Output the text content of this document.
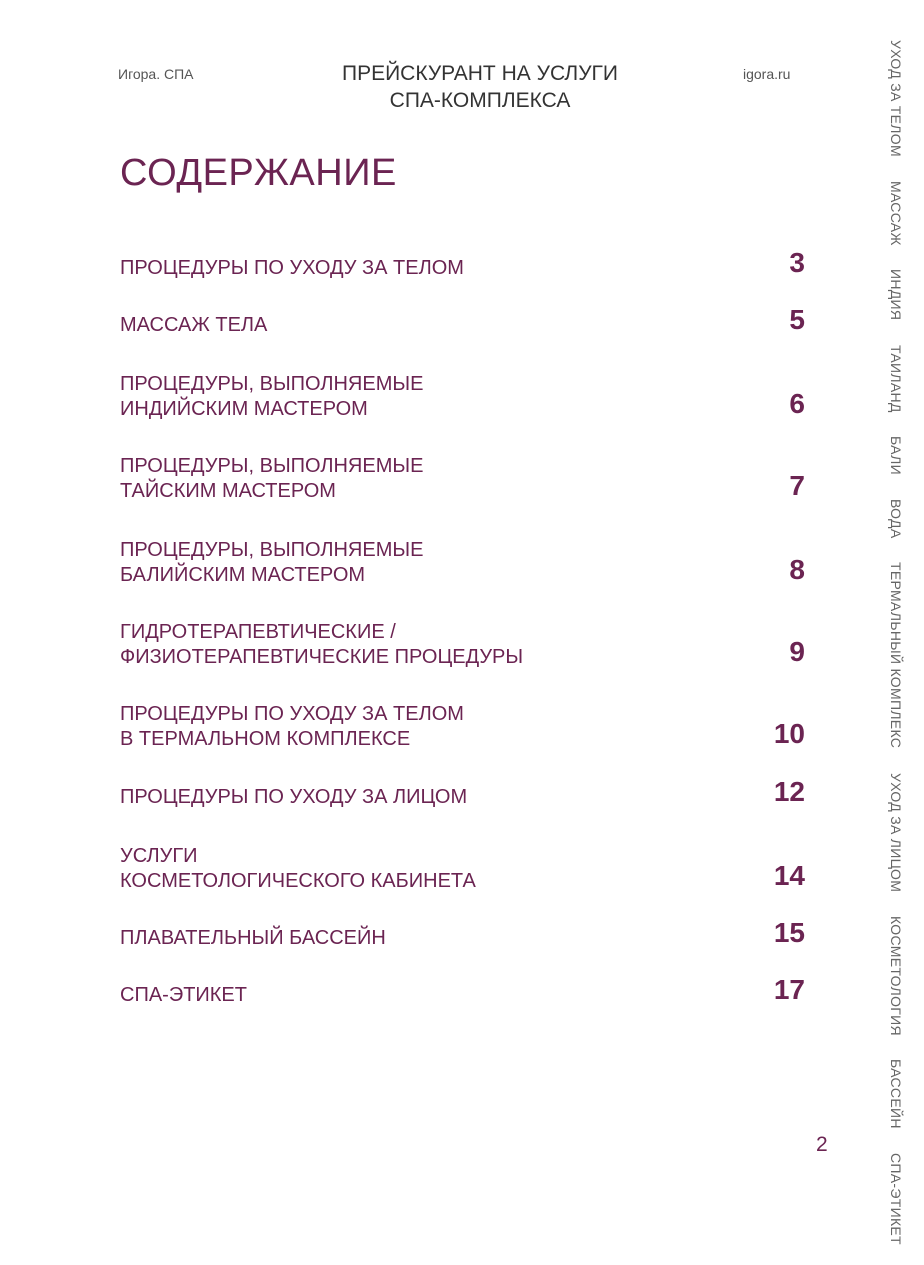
Игора. СПА	ПРЕЙСКУРАНТ НА УСЛУГИ
СПА-КОМПЛЕКСА
igora.ru
СОДЕРЖАНИЕ
ПРОЦЕДУРЫ ПО УХОДУ ЗА ТЕЛОМ	3
МАССАЖ ТЕЛА	5
ПРОЦЕДУРЫ, ВЫПОЛНЯЕМЫЕ
ИНДИЙСКИМ МАСТЕРОМ	6
ПРОЦЕДУРЫ, ВЫПОЛНЯЕМЫЕ
ТАЙСКИМ МАСТЕРОМ	7
ПРОЦЕДУРЫ, ВЫПОЛНЯЕМЫЕ
БАЛИЙСКИМ МАСТЕРОМ	8
ГИДРОТЕРАПЕВТИЧЕСКИЕ /
ФИЗИОТЕРАПЕВТИЧЕСКИЕ ПРОЦЕДУРЫ	9
ПРОЦЕДУРЫ ПО УХОДУ ЗА ТЕЛОМ
В ТЕРМАЛЬНОМ КОМПЛЕКСЕ	10
ПРОЦЕДУРЫ ПО УХОДУ ЗА ЛИЦОМ	12
УСЛУГИ
КОСМЕТОЛОГИЧЕСКОГО КАБИНЕТА	14
ПЛАВАТЕЛЬНЫЙ БАССЕЙН	15
СПА-ЭТИКЕТ	17
УХОД ЗА ТЕЛОМ МАССАЖ ИНДИЯ ТАИЛАНД БАЛИ ВОДА ТЕРМАЛЬНЫЙ КОМПЛЕКС УХОД ЗА ЛИЦОМ КОСМЕТОЛОГИЯ БАССЕЙН СПА-ЭТИКЕТ
2
